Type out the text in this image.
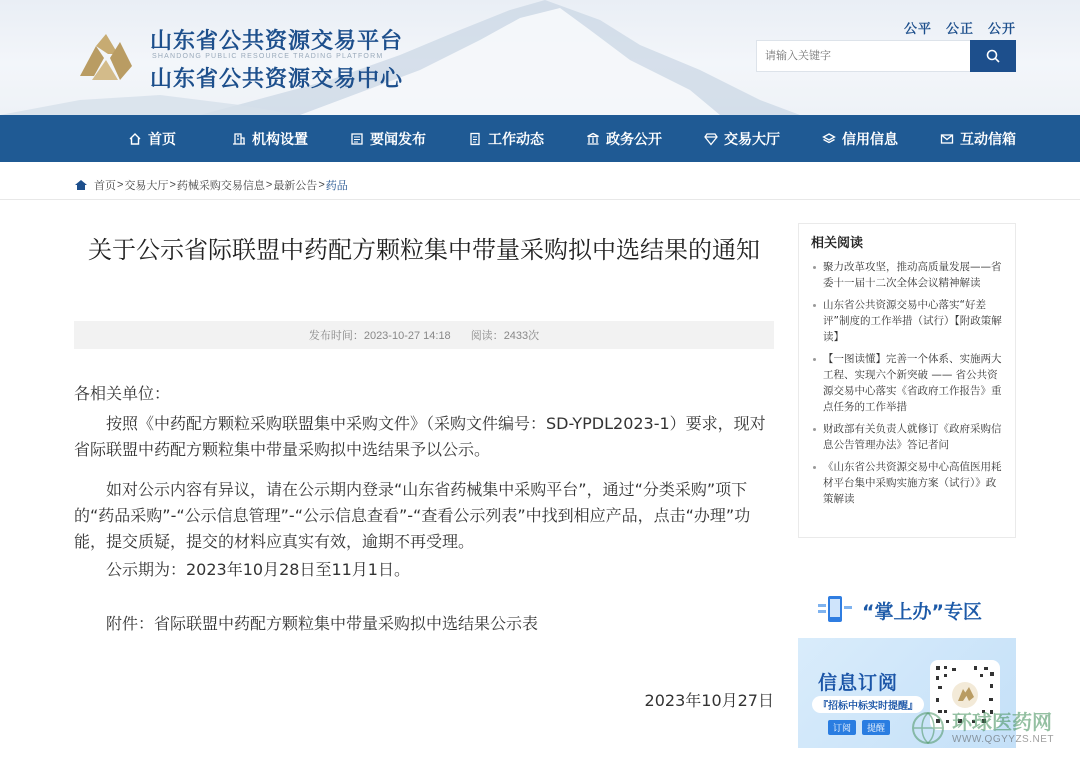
山东省公共资源交易平台
SHANDONG PUBLIC RESOURCE TRADING PLATFORM
山东省公共资源交易中心
公平 公正 公开
请输入关键字
首页	机构设置	要闻发布	工作动态	政务公开	交易大厅	信用信息	互动信箱
首页 > 交易大厅 > 药械采购交易信息 > 最新公告 > 药品
关于公示省际联盟中药配方颗粒集中带量采购拟中选结果的通知
发布时间：2023-10-27 14:18 阅读：2433次
各相关单位：
按照《中药配方颗粒采购联盟集中采购文件》（采购文件编号：SD-YPDL2023-1）要求，现对省际联盟中药配方颗粒集中带量采购拟中选结果予以公示。
如对公示内容有异议，请在公示期内登录“山东省药械集中采购平台”，通过“分类采购”项下的“药品采购”-“公示信息管理”-“公示信息查看”-“查看公示列表”中找到相应产品，点击“办理”功能，提交质疑，提交的材料应真实有效，逾期不再受理。
公示期为：2023年10月28日至11月1日。
附件：省际联盟中药配方颗粒集中带量采购拟中选结果公示表
2023年10月27日
相关阅读
聚力改革攻坚，推动高质量发展——省委十一届十二次全体会议精神解读
山东省公共资源交易中心落实“好差评”制度的工作举措（试行）【附政策解读】
【一图读懂】完善一个体系、实施两大工程、实现六个新突破 —— 省公共资源交易中心落实《省政府工作报告》重点任务的工作举措
财政部有关负责人就修订《政府采购信息公告管理办法》答记者问
《山东省公共资源交易中心高值医用耗材平台集中采购实施方案（试行）》政策解读
“掌上办”专区
信息订阅
『招标中标实时提醒』
订阅	提醒	环球医药网
WWW.QGYYZS.NET
